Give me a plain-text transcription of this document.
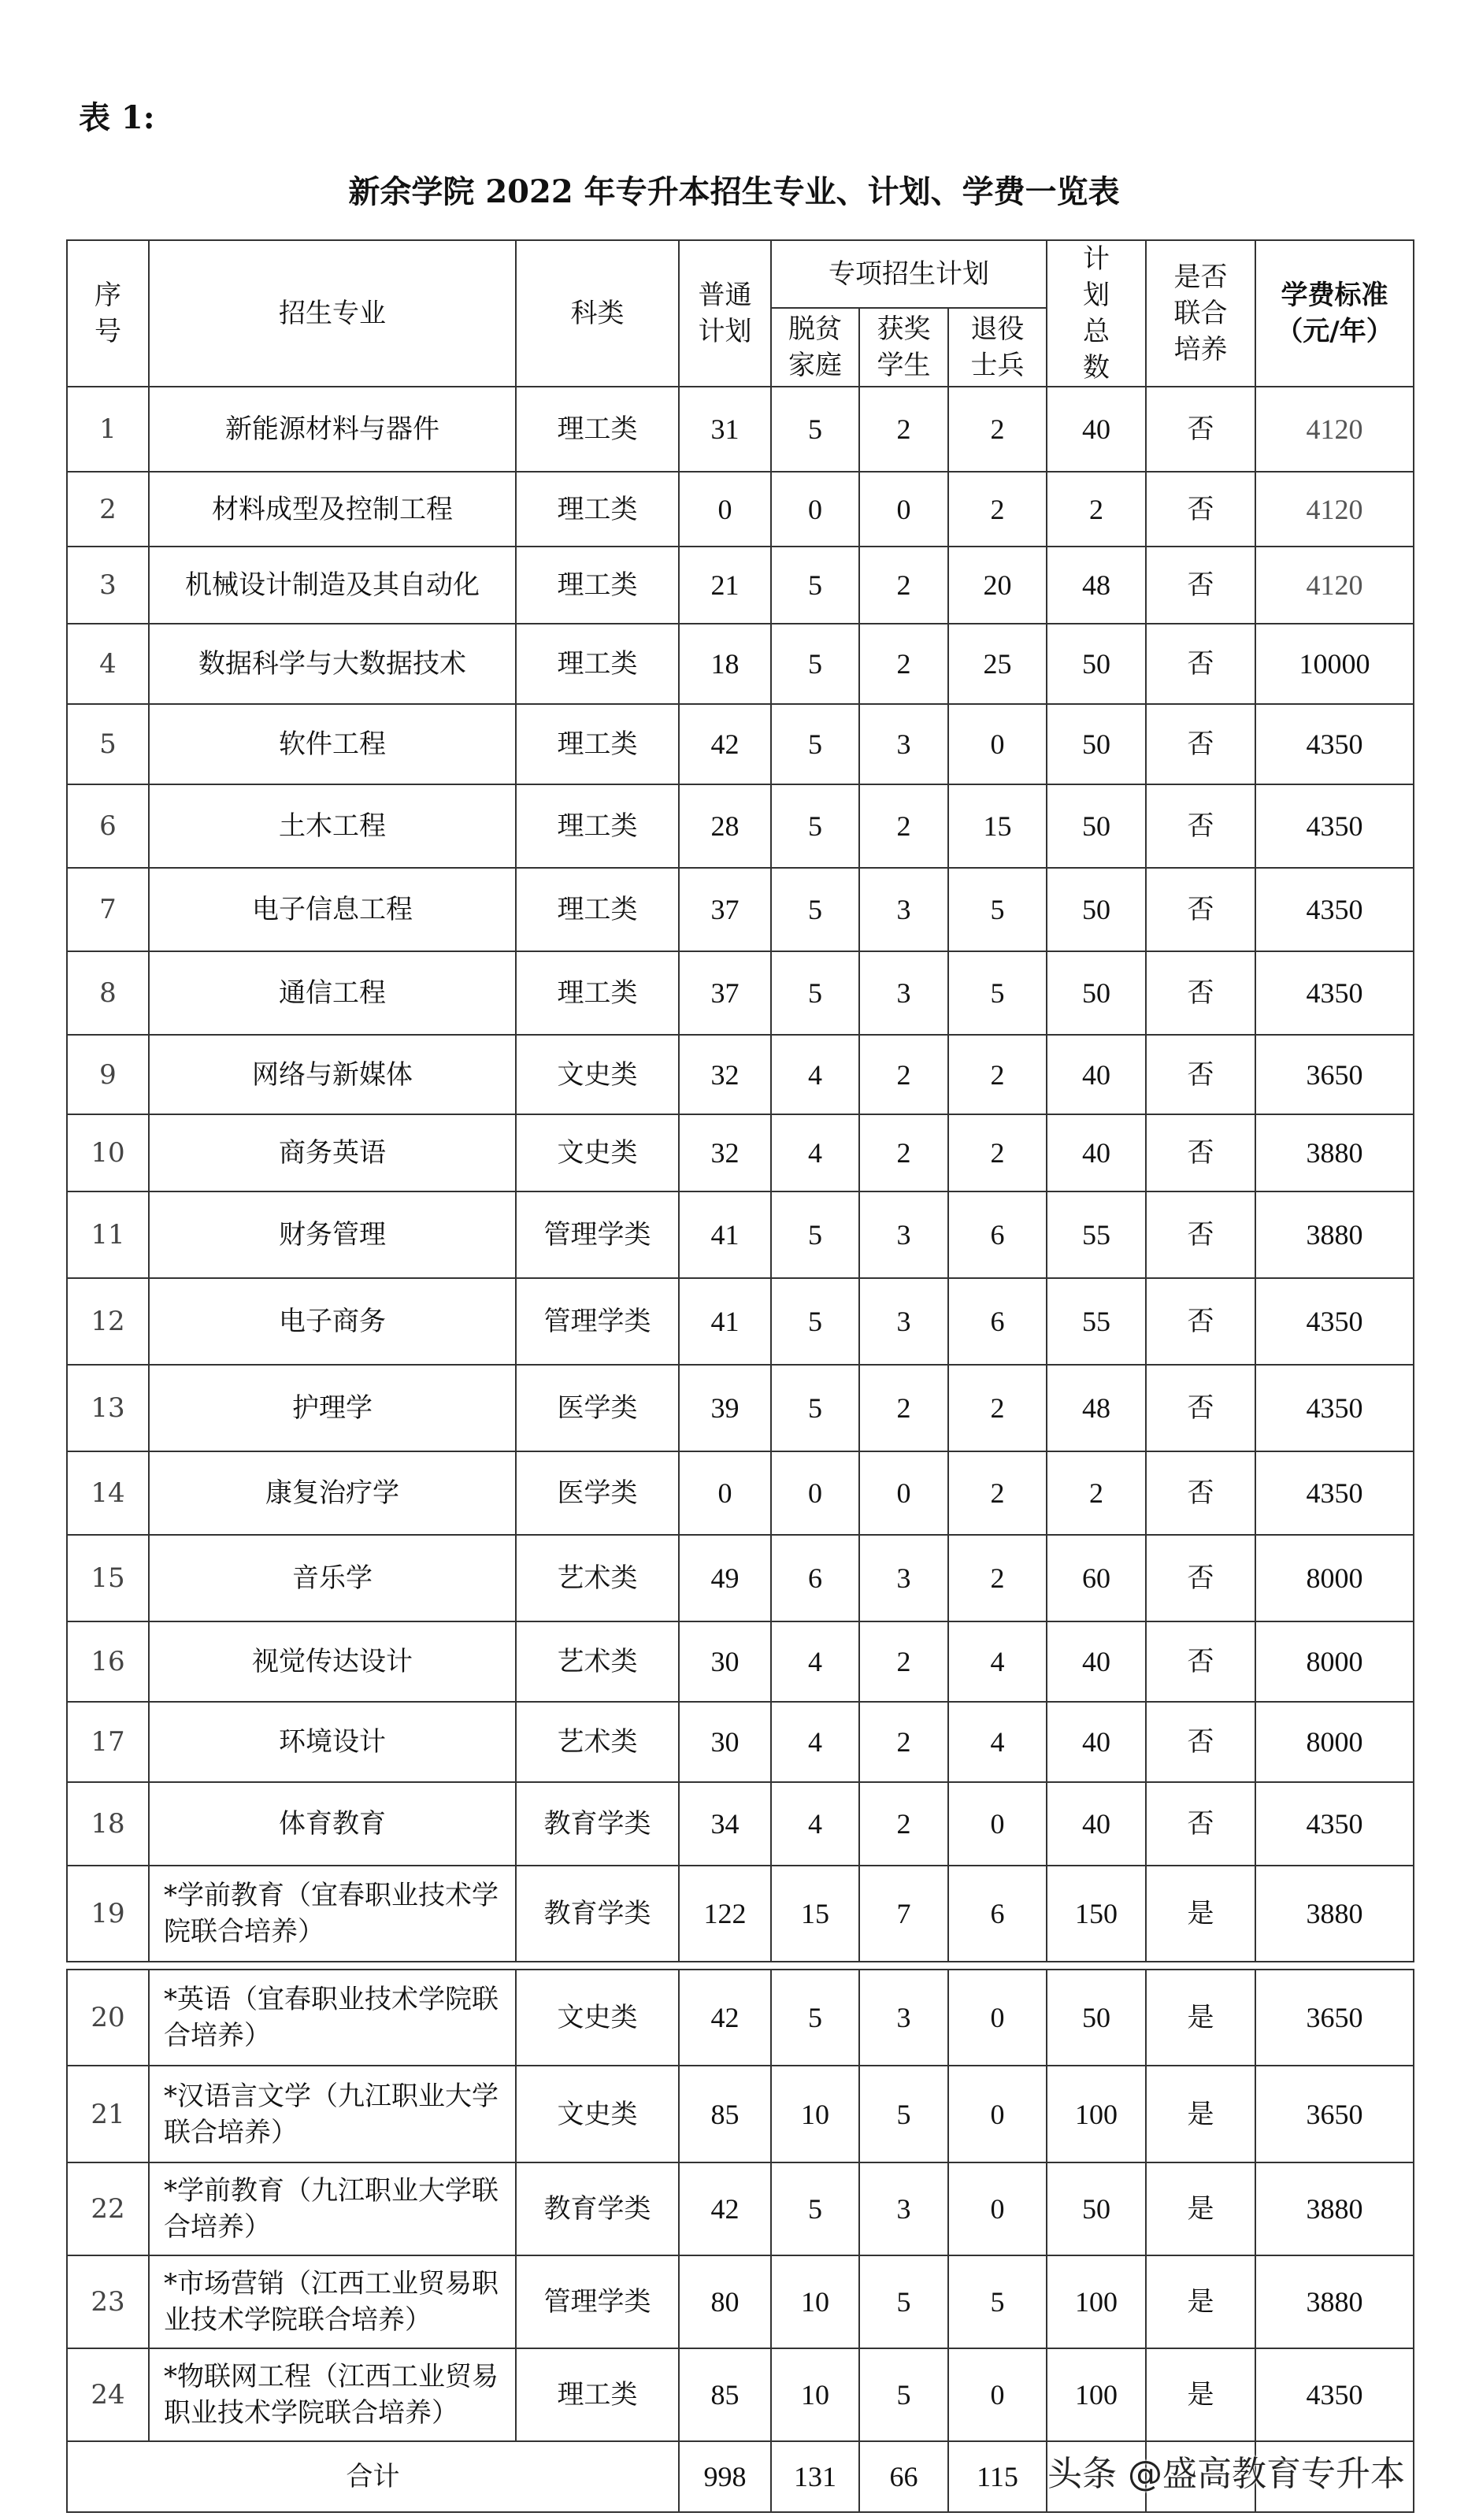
表 1:
新余学院 2022 年专升本招生专业、计划、学费一览表
序号	招生专业	科类	普通计划	专项招生计划			计划总数	是否联合培养	学费标准（元/年）
				脱贫家庭	获奖学生	退役士兵			
1	新能源材料与器件	理工类	31	5	2	2	40	否	4120
2	材料成型及控制工程	理工类	0	0	0	2	2	否	4120
3	机械设计制造及其自动化	理工类	21	5	2	20	48	否	4120
4	数据科学与大数据技术	理工类	18	5	2	25	50	否	10000
5	软件工程	理工类	42	5	3	0	50	否	4350
6	土木工程	理工类	28	5	2	15	50	否	4350
7	电子信息工程	理工类	37	5	3	5	50	否	4350
8	通信工程	理工类	37	5	3	5	50	否	4350
9	网络与新媒体	文史类	32	4	2	2	40	否	3650
10	商务英语	文史类	32	4	2	2	40	否	3880
11	财务管理	管理学类	41	5	3	6	55	否	3880
12	电子商务	管理学类	41	5	3	6	55	否	4350
13	护理学	医学类	39	5	2	2	48	否	4350
14	康复治疗学	医学类	0	0	0	2	2	否	4350
15	音乐学	艺术类	49	6	3	2	60	否	8000
16	视觉传达设计	艺术类	30	4	2	4	40	否	8000
17	环境设计	艺术类	30	4	2	4	40	否	8000
18	体育教育	教育学类	34	4	2	0	40	否	4350
19	*学前教育（宜春职业技术学院联合培养）	教育学类	122	15	7	6	150	是	3880

20	*英语（宜春职业技术学院联合培养）	文史类	42	5	3	0	50	是	3650
21	*汉语言文学（九江职业大学联合培养）	文史类	85	10	5	0	100	是	3650
22	*学前教育（九江职业大学联合培养）	教育学类	42	5	3	0	50	是	3880
23	*市场营销（江西工业贸易职业技术学院联合培养）	管理学类	80	10	5	5	100	是	3880
24	*物联网工程（江西工业贸易职业技术学院联合培养）	理工类	85	10	5	0	100	是	4350
合计			998	131	66	115			头条 @盛高教育专升本
